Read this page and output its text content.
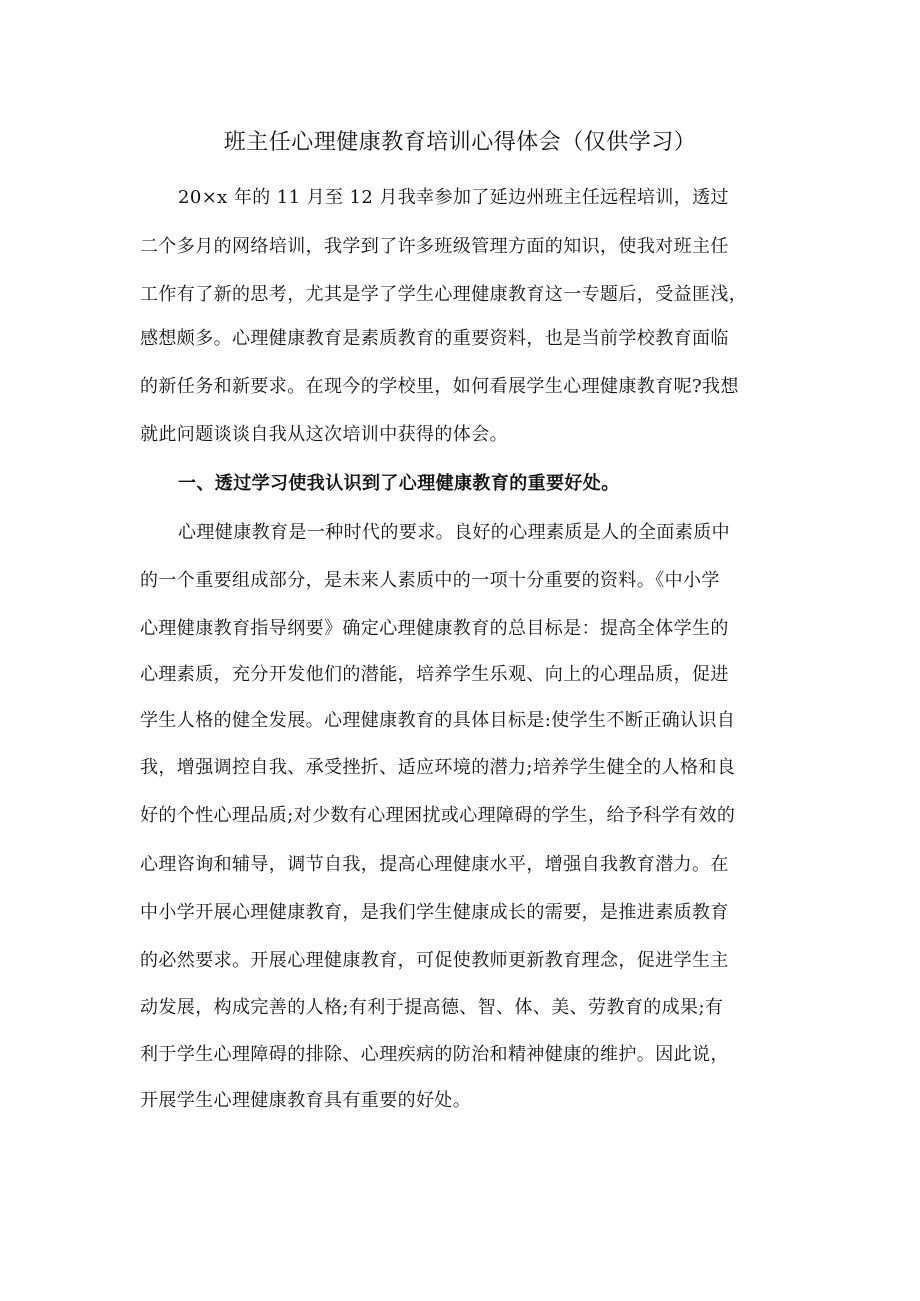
班主任心理健康教育培训心得体会（仅供学习）
20×x 年的 11 月至 12 月我幸参加了延边州班主任远程培训，透过
二个多月的网络培训，我学到了许多班级管理方面的知识，使我对班主任
工作有了新的思考，尤其是学了学生心理健康教育这一专题后，受益匪浅，
感想颇多。心理健康教育是素质教育的重要资料，也是当前学校教育面临
的新任务和新要求。在现今的学校里，如何看展学生心理健康教育呢?我想
就此问题谈谈自我从这次培训中获得的体会。
一、透过学习使我认识到了心理健康教育的重要好处。
心理健康教育是一种时代的要求。良好的心理素质是人的全面素质中
的一个重要组成部分，是未来人素质中的一项十分重要的资料。《中小学
心理健康教育指导纲要》确定心理健康教育的总目标是：提高全体学生的
心理素质，充分开发他们的潜能，培养学生乐观、向上的心理品质，促进
学生人格的健全发展。心理健康教育的具体目标是:使学生不断正确认识自
我，增强调控自我、承受挫折、适应环境的潜力;培养学生健全的人格和良
好的个性心理品质;对少数有心理困扰或心理障碍的学生，给予科学有效的
心理咨询和辅导，调节自我，提高心理健康水平，增强自我教育潜力。在
中小学开展心理健康教育，是我们学生健康成长的需要，是推进素质教育
的必然要求。开展心理健康教育，可促使教师更新教育理念，促进学生主
动发展，构成完善的人格;有利于提高德、智、体、美、劳教育的成果;有
利于学生心理障碍的排除、心理疾病的防治和精神健康的维护。因此说，
开展学生心理健康教育具有重要的好处。
